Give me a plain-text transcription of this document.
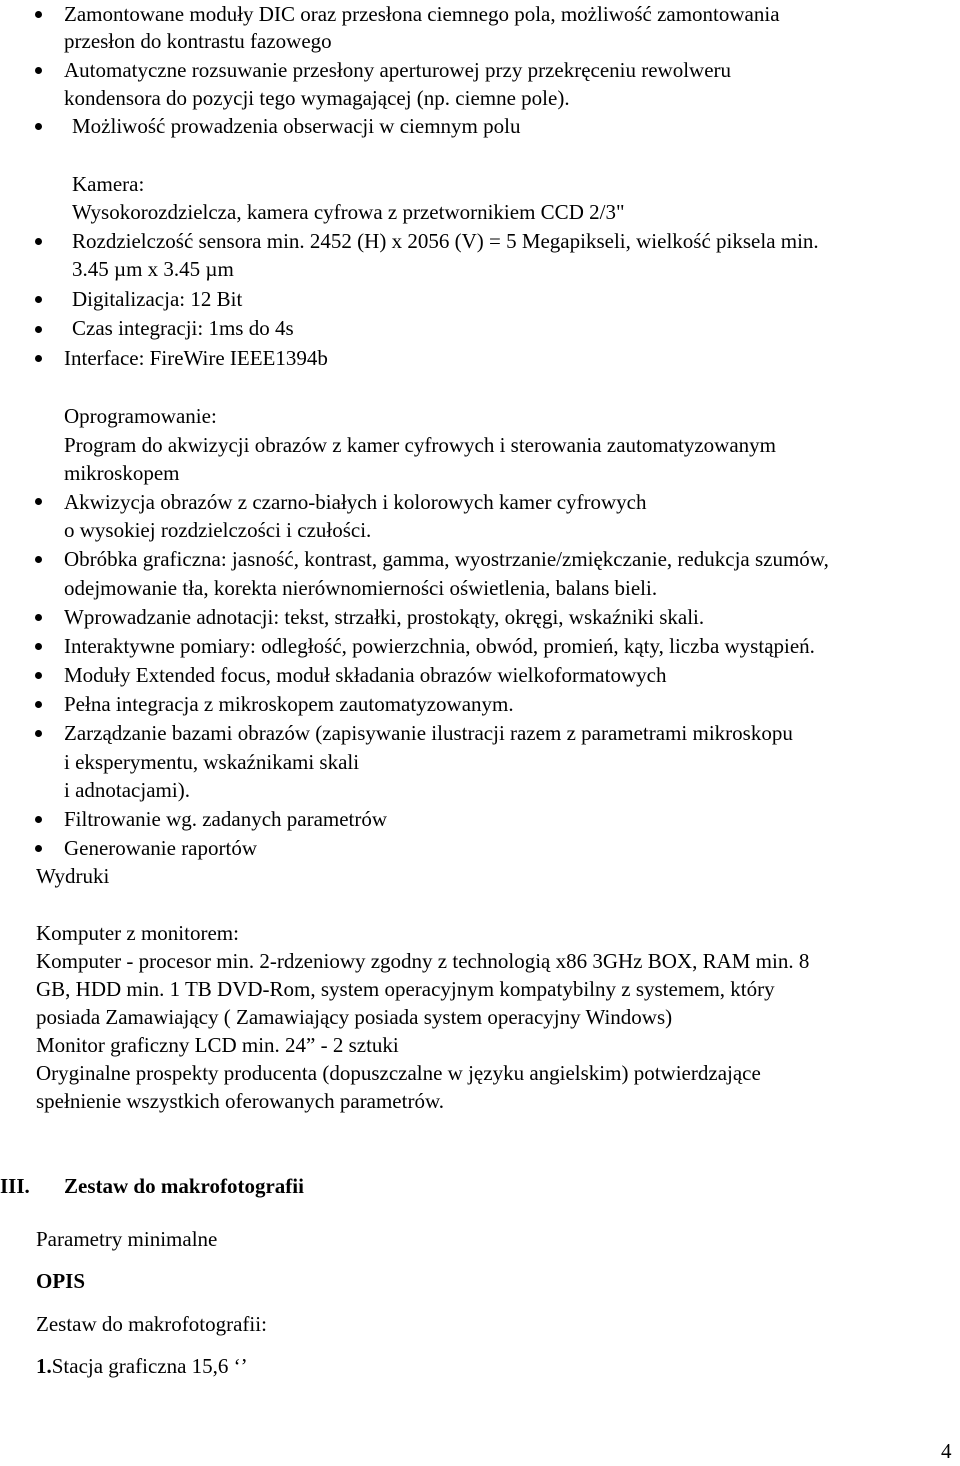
Zamontowane moduły DIC oraz przesłona ciemnego pola, możliwość zamontowania
przesłon do kontrastu fazowego
Automatyczne rozsuwanie przesłony aperturowej przy przekręceniu rewolweru
kondensora do pozycji tego wymagającej (np. ciemne pole).
Możliwość prowadzenia obserwacji w ciemnym polu
Kamera:
Wysokorozdzielcza, kamera cyfrowa z przetwornikiem CCD 2/3"
Rozdzielczość sensora min. 2452 (H) x 2056 (V) = 5 Megapikseli, wielkość piksela min.
3.45 µm x 3.45 µm
Digitalizacja: 12 Bit
Czas integracji: 1ms do 4s
Interface: FireWire IEEE1394b
Oprogramowanie:
Program do akwizycji obrazów z kamer cyfrowych i sterowania zautomatyzowanym
mikroskopem
Akwizycja obrazów z czarno-białych i kolorowych kamer cyfrowych
o wysokiej rozdzielczości i czułości.
Obróbka graficzna: jasność, kontrast, gamma, wyostrzanie/zmiękczanie, redukcja szumów,
odejmowanie tła, korekta nierównomierności oświetlenia, balans bieli.
Wprowadzanie adnotacji: tekst, strzałki, prostokąty, okręgi, wskaźniki skali.
Interaktywne pomiary: odległość, powierzchnia, obwód, promień, kąty, liczba wystąpień.
Moduły Extended focus, moduł składania obrazów wielkoformatowych
Pełna integracja z mikroskopem zautomatyzowanym.
Zarządzanie bazami obrazów (zapisywanie ilustracji razem z parametrami mikroskopu
i eksperymentu, wskaźnikami skali
i adnotacjami).
Filtrowanie wg. zadanych parametrów
Generowanie raportów
Wydruki
Komputer z monitorem:
Komputer - procesor min. 2-rdzeniowy zgodny z technologią x86 3GHz BOX, RAM min. 8
GB, HDD min. 1 TB DVD-Rom, system operacyjnym kompatybilny z systemem, który
posiada Zamawiający ( Zamawiający posiada system operacyjny Windows)
Monitor graficzny LCD min. 24” - 2 sztuki
Oryginalne prospekty producenta (dopuszczalne w języku angielskim) potwierdzające
spełnienie wszystkich oferowanych parametrów.
III. Zestaw do makrofotografii
Parametry minimalne
OPIS
Zestaw do makrofotografii:
1.Stacja graficzna 15,6 ‘’
4
